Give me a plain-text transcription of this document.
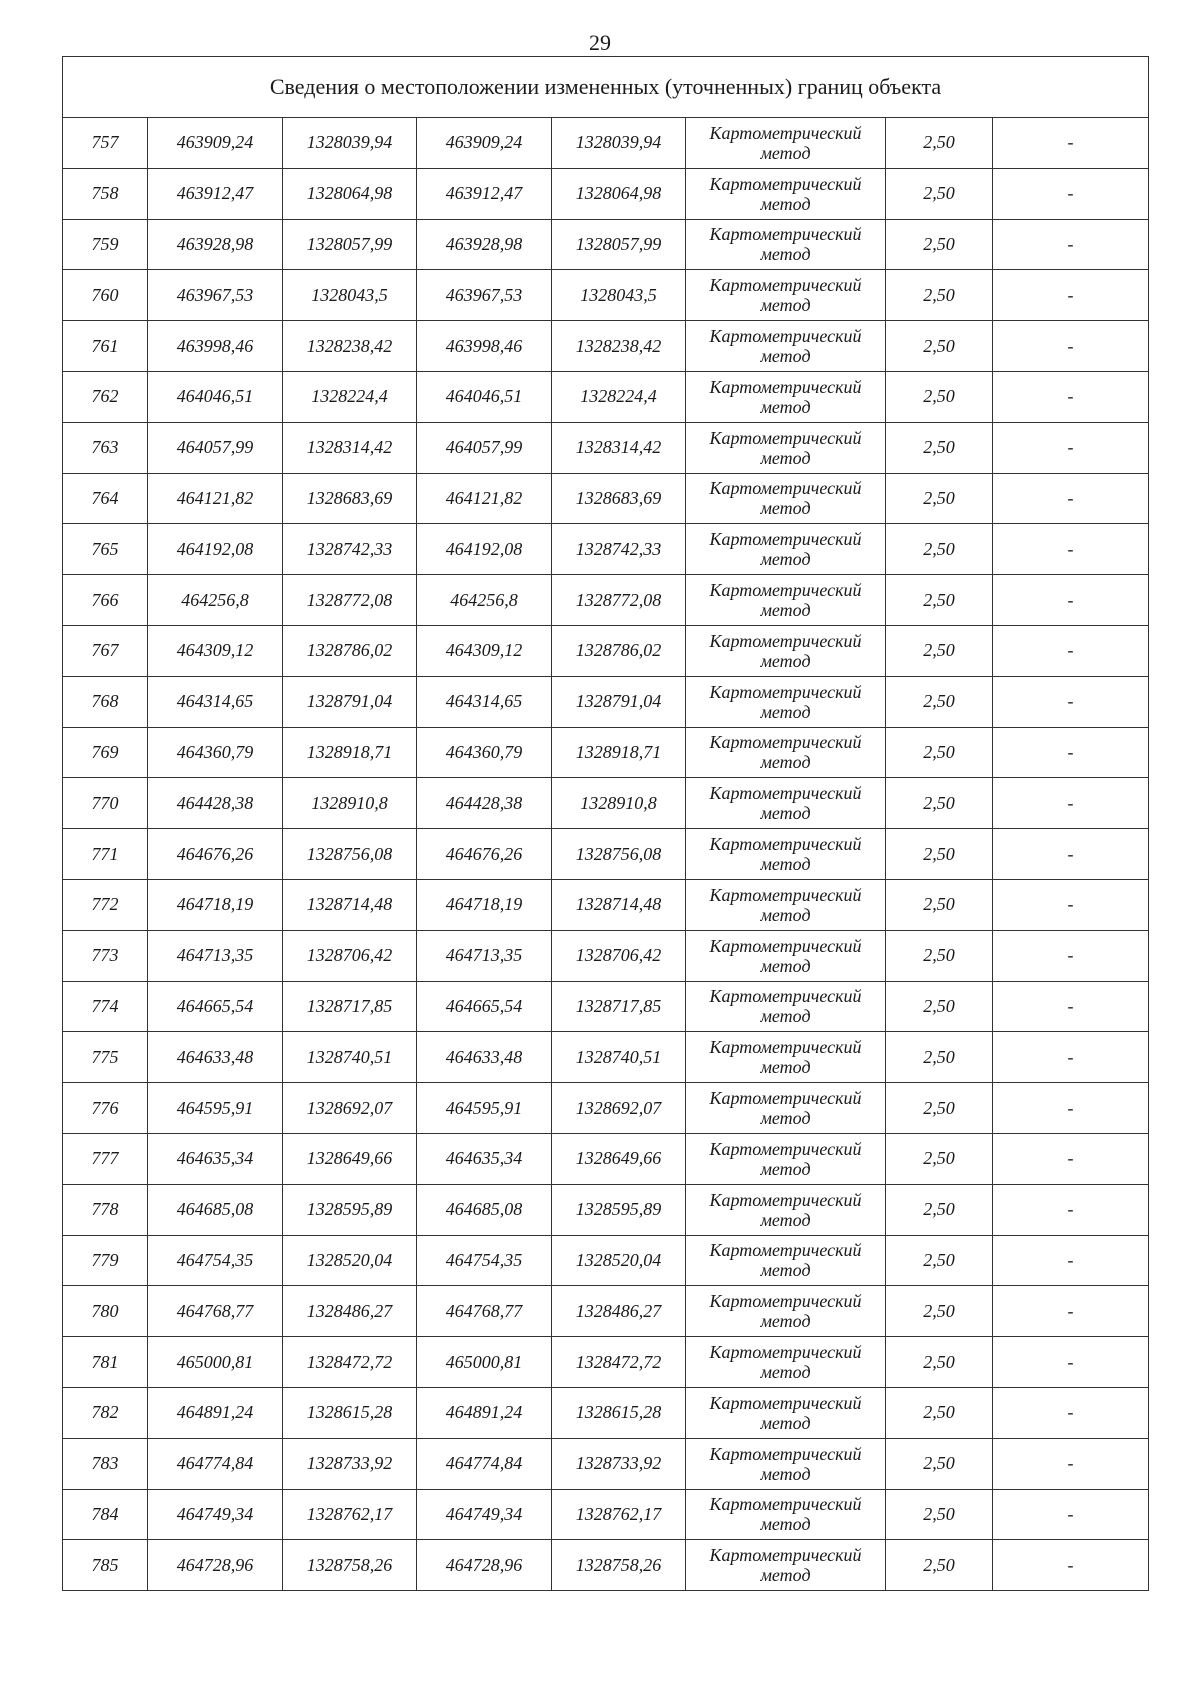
29
Сведения о местоположении измененных (уточненных) границ объекта							
757	463909,24	1328039,94	463909,24	1328039,94	Картометрический
метод	2,50	-
758	463912,47	1328064,98	463912,47	1328064,98	Картометрический
метод	2,50	-
759	463928,98	1328057,99	463928,98	1328057,99	Картометрический
метод	2,50	-
760	463967,53	1328043,5	463967,53	1328043,5	Картометрический
метод	2,50	-
761	463998,46	1328238,42	463998,46	1328238,42	Картометрический
метод	2,50	-
762	464046,51	1328224,4	464046,51	1328224,4	Картометрический
метод	2,50	-
763	464057,99	1328314,42	464057,99	1328314,42	Картометрический
метод	2,50	-
764	464121,82	1328683,69	464121,82	1328683,69	Картометрический
метод	2,50	-
765	464192,08	1328742,33	464192,08	1328742,33	Картометрический
метод	2,50	-
766	464256,8	1328772,08	464256,8	1328772,08	Картометрический
метод	2,50	-
767	464309,12	1328786,02	464309,12	1328786,02	Картометрический
метод	2,50	-
768	464314,65	1328791,04	464314,65	1328791,04	Картометрический
метод	2,50	-
769	464360,79	1328918,71	464360,79	1328918,71	Картометрический
метод	2,50	-
770	464428,38	1328910,8	464428,38	1328910,8	Картометрический
метод	2,50	-
771	464676,26	1328756,08	464676,26	1328756,08	Картометрический
метод	2,50	-
772	464718,19	1328714,48	464718,19	1328714,48	Картометрический
метод	2,50	-
773	464713,35	1328706,42	464713,35	1328706,42	Картометрический
метод	2,50	-
774	464665,54	1328717,85	464665,54	1328717,85	Картометрический
метод	2,50	-
775	464633,48	1328740,51	464633,48	1328740,51	Картометрический
метод	2,50	-
776	464595,91	1328692,07	464595,91	1328692,07	Картометрический
метод	2,50	-
777	464635,34	1328649,66	464635,34	1328649,66	Картометрический
метод	2,50	-
778	464685,08	1328595,89	464685,08	1328595,89	Картометрический
метод	2,50	-
779	464754,35	1328520,04	464754,35	1328520,04	Картометрический
метод	2,50	-
780	464768,77	1328486,27	464768,77	1328486,27	Картометрический
метод	2,50	-
781	465000,81	1328472,72	465000,81	1328472,72	Картометрический
метод	2,50	-
782	464891,24	1328615,28	464891,24	1328615,28	Картометрический
метод	2,50	-
783	464774,84	1328733,92	464774,84	1328733,92	Картометрический
метод	2,50	-
784	464749,34	1328762,17	464749,34	1328762,17	Картометрический
метод	2,50	-
785	464728,96	1328758,26	464728,96	1328758,26	Картометрический
метод	2,50	-
